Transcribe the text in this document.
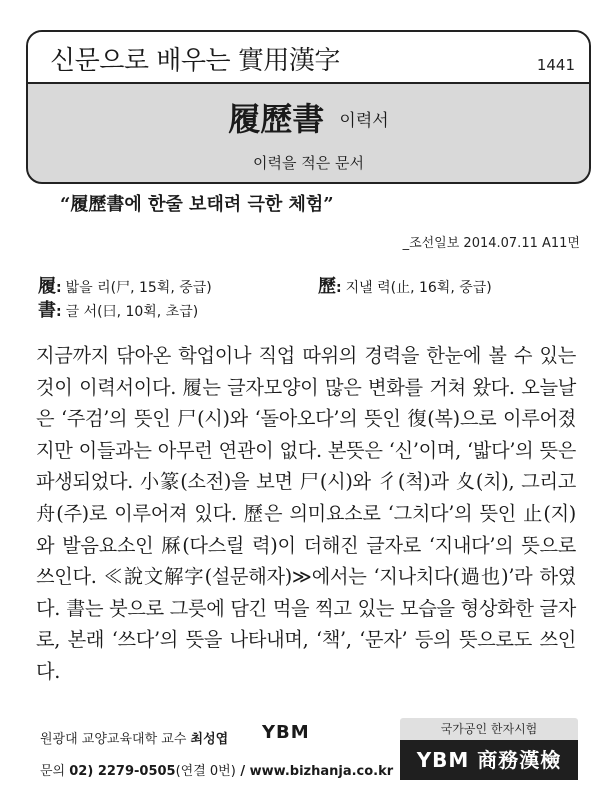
신문으로 배우는 實用漢字	1441
履歷書 이력서
이력을 적은 문서
“履歷書에 한줄 보태려 극한 체험”
_조선일보 2014.07.11 A11면
履: 밟을 리(尸, 15획, 중급)	歷: 지낼 력(止, 16획, 중급)
書: 글 서(曰, 10획, 초급)
지금까지 닦아온 학업이나 직업 따위의 경력을 한눈에 볼 수 있는 것이 이력서이다. 履는 글자모양이 많은 변화를 거쳐 왔다. 오늘날은 ‘주검’의 뜻인 尸(시)와 ‘돌아오다’의 뜻인 復(복)으로 이루어졌지만 이들과는 아무런 연관이 없다. 본뜻은 ‘신’이며, ‘밟다’의 뜻은 파생되었다. 小篆(소전)을 보면 尸(시)와 彳(척)과 夊(치), 그리고 舟(주)로 이루어져 있다. 歷은 의미요소로 ‘그치다’의 뜻인 止(지)와 발음요소인 厤(다스릴 력)이 더해진 글자로 ‘지내다’의 뜻으로 쓰인다. ≪說文解字(설문해자)≫에서는 ‘지나치다(過也)’라 하였다. 書는 붓으로 그릇에 담긴 먹을 찍고 있는 모습을 형상화한 글자로, 본래 ‘쓰다’의 뜻을 나타내며, ‘책’, ‘문자’ 등의 뜻으로도 쓰인다.
원광대 교양교육대학 교수 최성엽 YBM
문의 02) 2279-0505(연결 0번) / www.bizhanja.co.kr
국가공인 한자시험
YBM 商務漢檢
